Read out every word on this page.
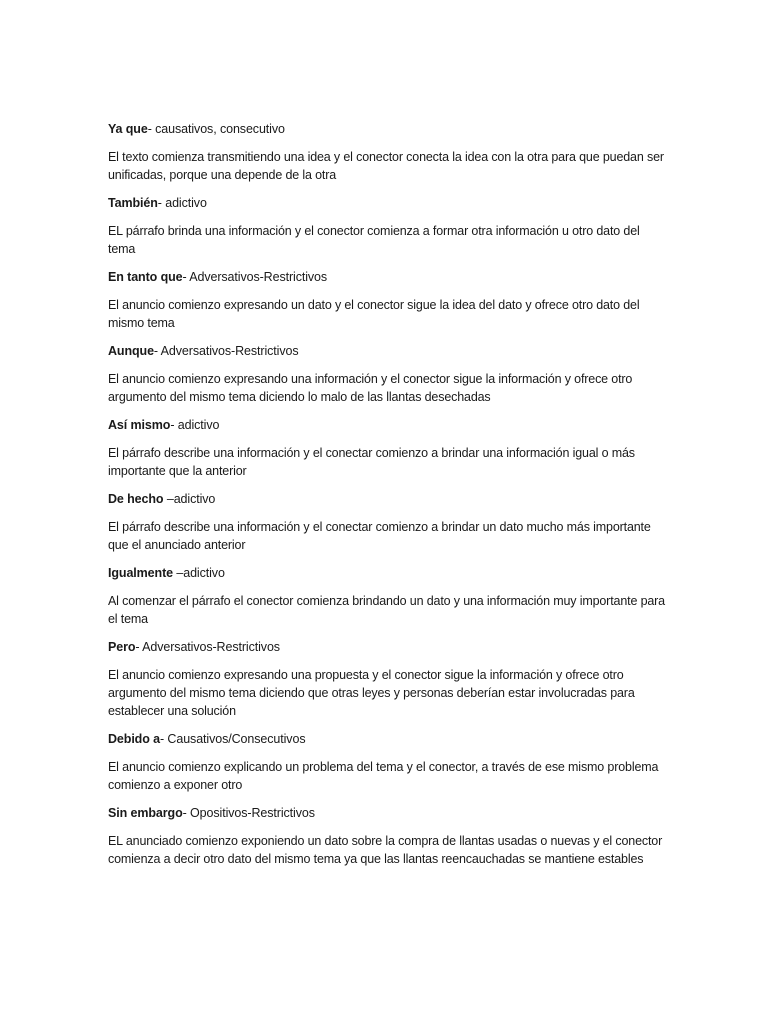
Ya que- causativos, consecutivo

El texto comienza transmitiendo una idea y el conector conecta la idea con la otra para que puedan ser unificadas, porque una depende de la otra

También- adictivo

EL párrafo brinda una información y el conector comienza a formar otra información u otro dato del tema

En tanto que- Adversativos-Restrictivos

El anuncio comienzo expresando un dato y el conector sigue la idea del dato y ofrece otro dato del mismo tema

Aunque- Adversativos-Restrictivos

El anuncio comienzo expresando una información y el conector sigue la información y ofrece otro argumento del mismo tema diciendo lo malo de las llantas desechadas

Así mismo- adictivo

El párrafo describe una información y el conectar comienzo a brindar una información igual o más importante que la anterior

De hecho –adictivo

El párrafo describe una información y el conectar comienzo a brindar un dato mucho más importante que el anunciado anterior

Igualmente –adictivo

Al comenzar el párrafo el conector comienza brindando un dato y una información muy importante para el tema

Pero- Adversativos-Restrictivos

El anuncio comienzo expresando una propuesta y el conector sigue la información y ofrece otro argumento del mismo tema diciendo que otras leyes y personas deberían estar involucradas para establecer una solución

Debido a- Causativos/Consecutivos

El anuncio comienzo explicando un problema del tema y el conector, a través de ese mismo problema comienzo a exponer otro

Sin embargo- Opositivos-Restrictivos

EL anunciado comienzo exponiendo un dato sobre la compra de llantas usadas o nuevas y el conector comienza a decir otro dato del mismo tema ya que las llantas reencauchadas se mantiene estables
